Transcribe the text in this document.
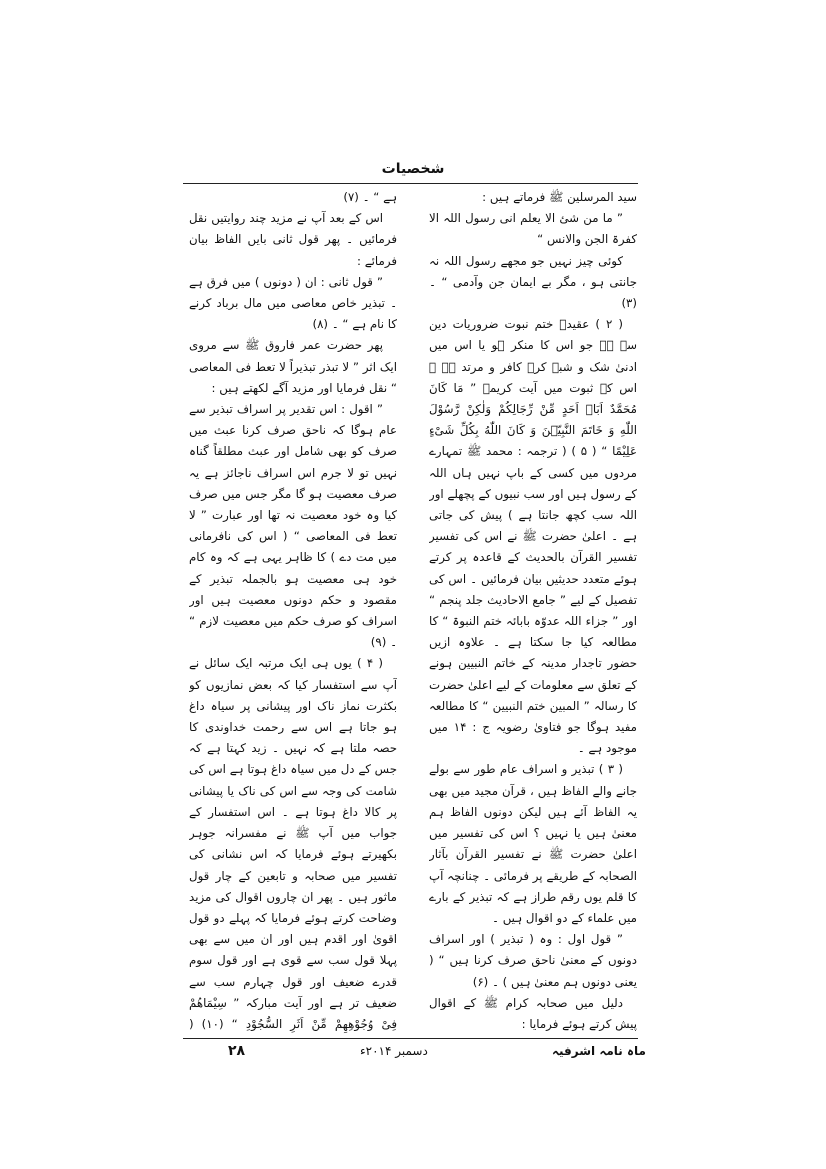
شخصیات

سید المرسلین ﷺ فرماتے ہیں :

” ما من شئ الا یعلم انی رسول اللہ الا کفرۃ الجن والانس “

کوئی چیز نہیں جو مجھے رسول اللہ نہ جانتی ہو ، مگر بے ایمان جن وآدمی “ ۔ (۳)

( ۲ ) عقیدۂ ختم نبوت ضروریات دین سے ہے جو اس کا منکر ہو یا اس میں ادنیٰ شک و شبہ کرے کافر و مرتد ہے ۔ اس کے ثبوت میں آیت کریمہ ” مَا كَانَ مُحَمَّدٌ اَبَاۤ اَحَدٍ مِّنْ رِّجَالِكُمْ وَلٰكِنْ رَّسُوْلَ اللّٰهِ وَ خَاتَمَ النَّبِیّٖنَ وَ كَانَ اللّٰهُ بِكُلِّ شَیْءٍ عَلِیْمًا “ ( ۵ ) ( ترجمہ : محمد ﷺ تمہارے مردوں میں کسی کے باپ نہیں ہاں اللہ کے رسول ہیں اور سب نبیوں کے پچھلے اور اللہ سب کچھ جانتا ہے ) پیش کی جاتی ہے ۔ اعلیٰ حضرت ﷺ نے اس کی تفسیر تفسیر القرآن بالحدیث کے قاعدہ پر کرتے ہوئے متعدد حدیثیں بیان فرمائیں ۔ اس کی تفصیل کے لیے ” جامع الاحادیث جلد پنجم “ اور ” جزاء اللہ عدوّہ بابائہ ختم النبوۃ “ کا مطالعہ کیا جا سکتا ہے ۔ علاوہ ازیں حضور تاجدار مدینہ کے خاتم النبیین ہونے کے تعلق سے معلومات کے لیے اعلیٰ حضرت کا رسالہ ” المبین ختم النبیین “ کا مطالعہ مفید ہوگا جو فتاویٰ رضویہ ج : ۱۴ میں موجود ہے ۔

( ۳ ) تبذیر و اسراف عام طور سے بولے جانے والے الفاظ ہیں ، قرآن مجید میں بھی یہ الفاظ آئے ہیں لیکن دونوں الفاظ ہم معنیٰ ہیں یا نہیں ؟ اس کی تفسیر میں اعلیٰ حضرت ﷺ نے تفسیر القرآن بآثار الصحابہ کے طریقے پر فرمائی ۔ چنانچہ آپ کا قلم یوں رقم طراز ہے کہ تبذیر کے بارے میں علماء کے دو اقوال ہیں ۔

” قول اول : وہ ( تبذیر ) اور اسراف دونوں کے معنیٰ ناحق صرف کرنا ہیں “ ( یعنی دونوں ہم معنیٰ ہیں ) ۔ (۶)

دلیل میں صحابہ کرام ﷺ کے اقوال پیش کرتے ہوئے فرمایا :

ہے “ ۔ (۷)

اس کے بعد آپ نے مزید چند روایتیں نقل فرمائیں ۔ پھر قول ثانی بایں الفاظ بیان فرمائے :

” قول ثانی : ان ( دونوں ) میں فرق ہے ۔ تبذیر خاص معاصی میں مال برباد کرنے کا نام ہے “ ۔ (۸)

پھر حضرت عمر فاروق ﷺ سے مروی ایک اثر ” لا تبذر تبذیراً لا تعط فی المعاصی “ نقل فرمایا اور مزید آگے لکھتے ہیں :

” اقول : اس تقدیر پر اسراف تبذیر سے عام ہوگا کہ ناحق صرف کرنا عبث میں صرف کو بھی شامل اور عبث مطلقاً گناہ نہیں تو لا جرم اس اسراف ناجائز ہے یہ صرف معصیت ہو گا مگر جس میں صرف کیا وہ خود معصیت نہ تھا اور عبارت ” لا تعط فی المعاصی “ ( اس کی نافرمانی میں مت دے ) کا ظاہر یہی ہے کہ وہ کام خود ہی معصیت ہو بالجملہ تبذیر کے مقصود و حکم دونوں معصیت ہیں اور اسراف کو صرف حکم میں معصیت لازم “ ۔ (۹)

( ۴ ) یوں ہی ایک مرتبہ ایک سائل نے آپ سے استفسار کیا کہ بعض نمازیوں کو بکثرت نماز ناک اور پیشانی پر سیاہ داغ ہو جاتا ہے اس سے رحمت خداوندی کا حصہ ملتا ہے کہ نہیں ۔ زید کہتا ہے کہ جس کے دل میں سیاہ داغ ہوتا ہے اس کی شامت کی وجہ سے اس کی ناک یا پیشانی پر کالا داغ ہوتا ہے ۔ اس استفسار کے جواب میں آپ ﷺ نے مفسرانہ جوہر بکھیرتے ہوئے فرمایا کہ اس نشانی کی تفسیر میں صحابہ و تابعین کے چار قول ماثور ہیں ۔ پھر ان چاروں اقوال کی مزید وضاحت کرتے ہوئے فرمایا کہ پہلے دو قول اقویٰ اور اقدم ہیں اور ان میں سے بھی پہلا قول سب سے قوی ہے اور قول سوم قدرے ضعیف اور قول چہارم سب سے ضعیف تر ہے اور آیت مبارکہ ” سِیْمَاهُمْ فِیْ وُجُوْهِهِمْ مِّنْ اَثَرِ السُّجُوْدِ “ (۱۰) (

۲۸	دسمبر ۲۰۱۴ء	ماہ نامہ اشرفیہ
